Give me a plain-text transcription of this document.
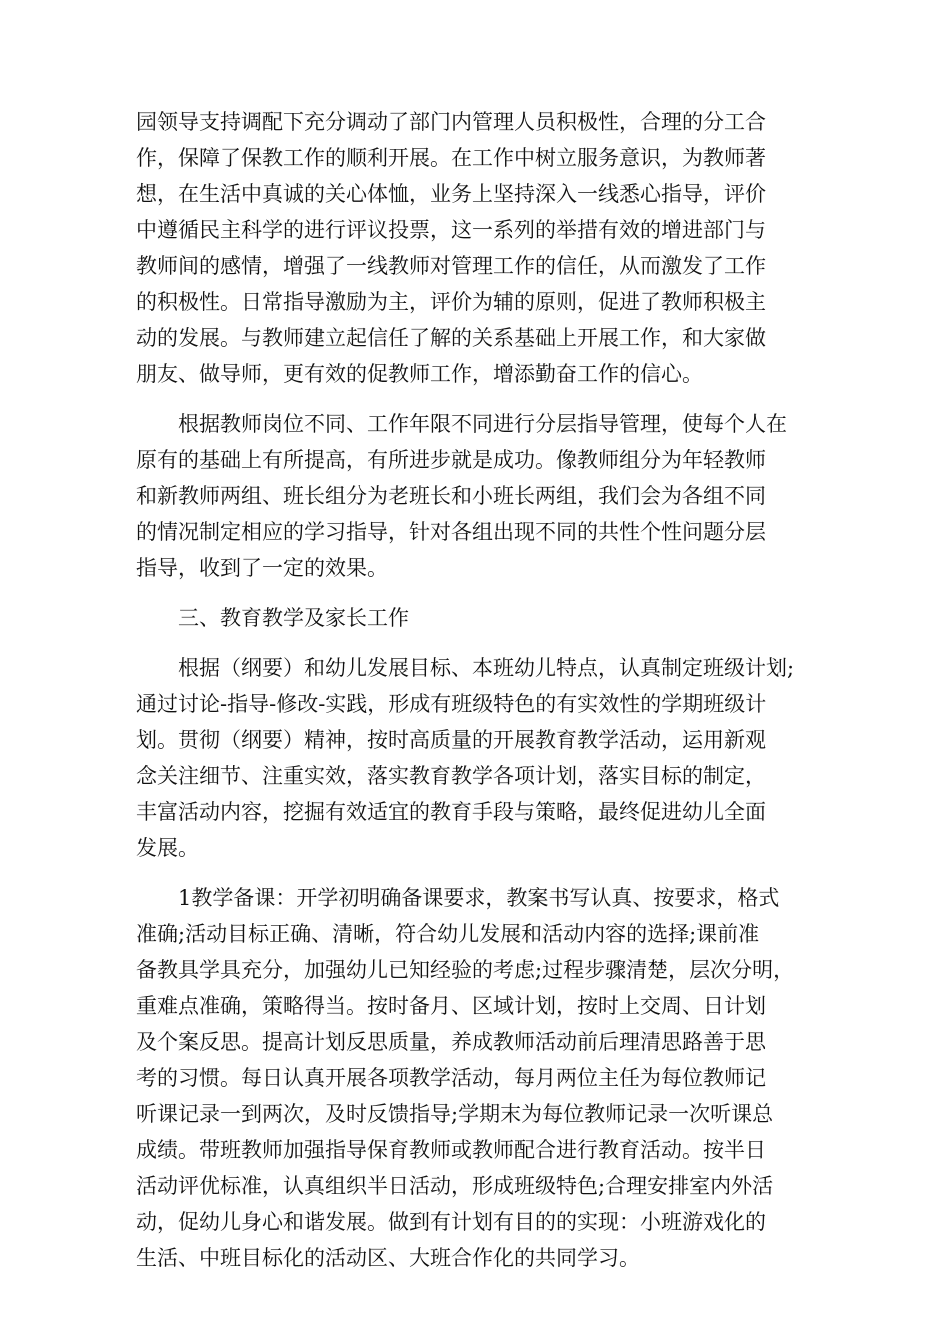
园领导支持调配下充分调动了部门内管理人员积极性，合理的分工合
作，保障了保教工作的顺利开展。在工作中树立服务意识，为教师著
想，在生活中真诚的关心体恤，业务上坚持深入一线悉心指导，评价
中遵循民主科学的进行评议投票，这一系列的举措有效的增进部门与
教师间的感情，增强了一线教师对管理工作的信任，从而激发了工作
的积极性。日常指导激励为主，评价为辅的原则，促进了教师积极主
动的发展。与教师建立起信任了解的关系基础上开展工作，和大家做
朋友、做导师，更有效的促教师工作，增添勤奋工作的信心。

根据教师岗位不同、工作年限不同进行分层指导管理，使每个人在
原有的基础上有所提高，有所进步就是成功。像教师组分为年轻教师
和新教师两组、班长组分为老班长和小班长两组，我们会为各组不同
的情况制定相应的学习指导，针对各组出现不同的共性个性问题分层
指导，收到了一定的效果。

三、教育教学及家长工作

根据（纲要）和幼儿发展目标、本班幼儿特点，认真制定班级计划;
通过讨论-指导-修改-实践，形成有班级特色的有实效性的学期班级计
划。贯彻（纲要）精神，按时高质量的开展教育教学活动，运用新观
念关注细节、注重实效，落实教育教学各项计划，落实目标的制定，
丰富活动内容，挖掘有效适宜的教育手段与策略，最终促进幼儿全面
发展。

1教学备课：开学初明确备课要求，教案书写认真、按要求，格式
准确;活动目标正确、清晰，符合幼儿发展和活动内容的选择;课前准
备教具学具充分，加强幼儿已知经验的考虑;过程步骤清楚，层次分明，
重难点准确，策略得当。按时备月、区域计划，按时上交周、日计划
及个案反思。提高计划反思质量，养成教师活动前后理清思路善于思
考的习惯。每日认真开展各项教学活动，每月两位主任为每位教师记
听课记录一到两次，及时反馈指导;学期末为每位教师记录一次听课总
成绩。带班教师加强指导保育教师或教师配合进行教育活动。按半日
活动评优标准，认真组织半日活动，形成班级特色;合理安排室内外活
动，促幼儿身心和谐发展。做到有计划有目的的实现：小班游戏化的
生活、中班目标化的活动区、大班合作化的共同学习。
